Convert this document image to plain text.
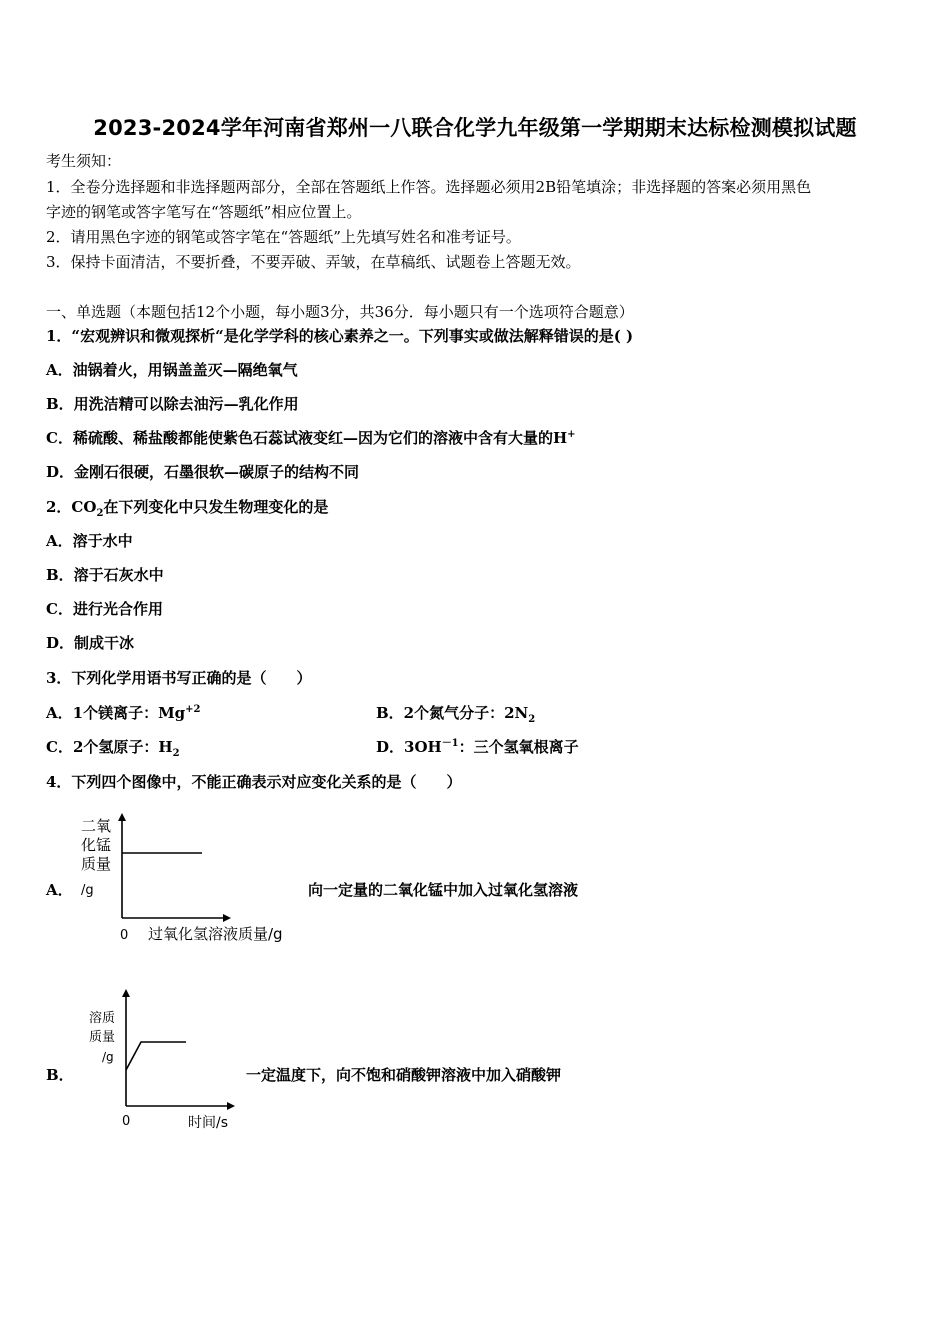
2023-2024学年河南省郑州一八联合化学九年级第一学期期末达标检测模拟试题
考生须知：
1．全卷分选择题和非选择题两部分，全部在答题纸上作答。选择题必须用2B铅笔填涂；非选择题的答案必须用黑色
字迹的钢笔或答字笔写在“答题纸”相应位置上。
2．请用黑色字迹的钢笔或答字笔在“答题纸”上先填写姓名和准考证号。
3．保持卡面清洁，不要折叠，不要弄破、弄皱，在草稿纸、试题卷上答题无效。
一、单选题（本题包括12个小题，每小题3分，共36分．每小题只有一个选项符合题意）
1．“宏观辨识和微观探析“是化学学科的核心素养之一。下列事实或做法解释错误的是( )
A．油锅着火，用锅盖盖灭—隔绝氧气
B．用洗洁精可以除去油污—乳化作用
C．稀硫酸、稀盐酸都能使紫色石蕊试液变红—因为它们的溶液中含有大量的H+
D．金刚石很硬，石墨很软—碳原子的结构不同
2．$CO_2$在下列变化中只发生物理变化的是
A．溶于水中
B．溶于石灰水中
C．进行光合作用
D．制成干冰
3．下列化学用语书写正确的是（　　）
A．1个镁离子：$Mg^{+2}$	B．2个氮气分子：$2N_2$
C．2个氢原子：$H_2$	D．$3OH^{-1}$：三个氢氧根离子
4．下列四个图像中，不能正确表示对应变化关系的是（　　）
A．	向一定量的二氧化锰中加入过氧化氢溶液
二氧
化锰
质量
/g
0 过氧化氢溶液质量/g
B．	一定温度下，向不饱和硝酸钾溶液中加入硝酸钾
溶质
质量
/g
0	时间/s
